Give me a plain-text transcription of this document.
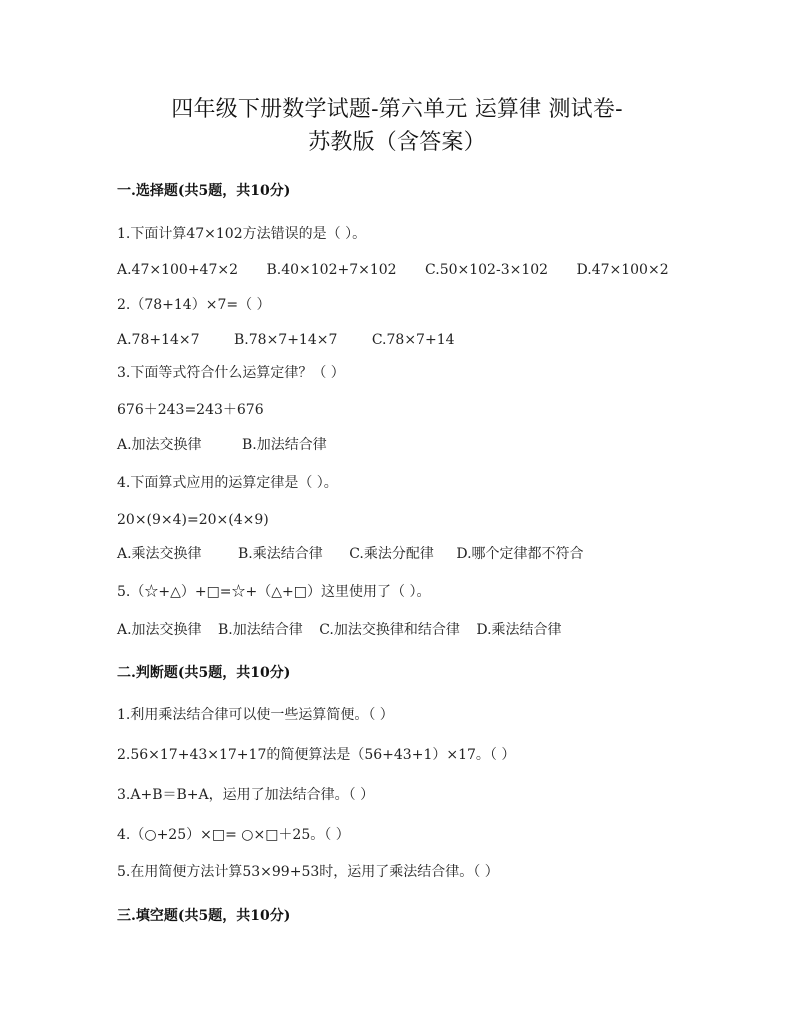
四年级下册数学试题-第六单元 运算律 测试卷-
苏教版（含答案）
一.选择题(共5题，共10分)
1.下面计算47×102方法错误的是（ ）。
A.47×100+47×2 B.40×102+7×102 C.50×102-3×102 D.47×100×2
2.（78+14）×7=（ ）
A.78+14×7 B.78×7+14×7 C.78×7+14
3.下面等式符合什么运算定律？（ ）
676＋243=243＋676
A.加法交换律	B.加法结合律
4.下面算式应用的运算定律是（ ）。
20×(9×4)=20×(4×9)
A.乘法交换律	B.乘法结合律 C.乘法分配律 D.哪个定律都不符合
5.（☆+△）+□=☆+（△+□）这里使用了（ ）。
A.加法交换律 B.加法结合律 C.加法交换律和结合律 D.乘法结合律
二.判断题(共5题，共10分)
1.利用乘法结合律可以使一些运算简便。（ ）
2.56×17+43×17+17的简便算法是（56+43+1）×17。（ ）
3.A+B＝B+A，运用了加法结合律。（ ）
4.（○+25）×□= ○×□＋25。（ ）
5.在用简便方法计算53×99+53时，运用了乘法结合律。（ ）
三.填空题(共5题，共10分)
